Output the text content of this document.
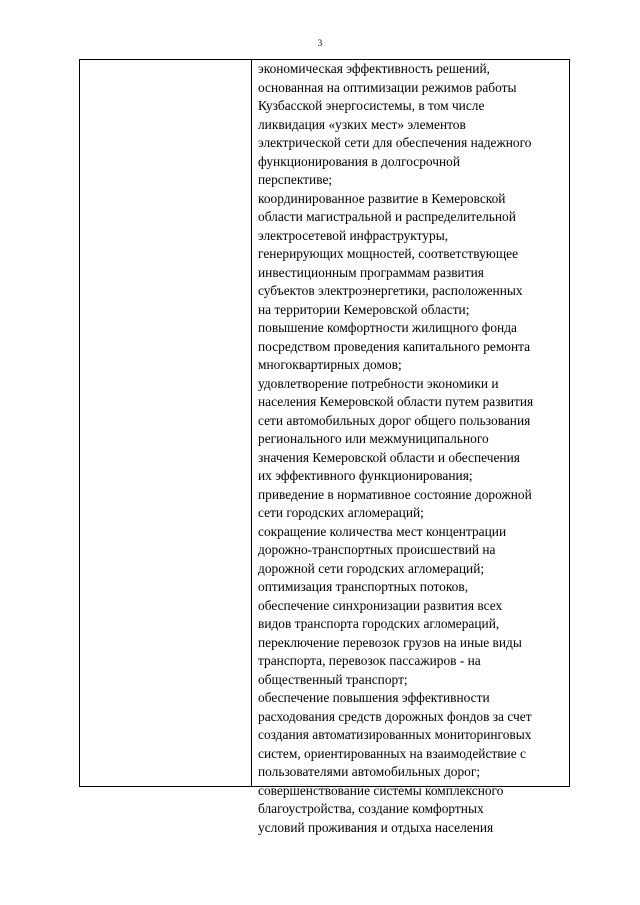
3
экономическая эффективность решений,
основанная на оптимизации режимов работы
Кузбасской энергосистемы, в том числе
ликвидация «узких мест» элементов
электрической сети для обеспечения надежного
функционирования в долгосрочной
перспективе;
координированное развитие в Кемеровской
области магистральной и распределительной
электросетевой инфраструктуры,
генерирующих мощностей, соответствующее
инвестиционным программам развития
субъектов электроэнергетики, расположенных
на территории Кемеровской области;
повышение комфортности жилищного фонда
посредством проведения капитального ремонта
многоквартирных домов;
удовлетворение потребности экономики и
населения Кемеровской области путем развития
сети автомобильных дорог общего пользования
регионального или межмуниципального
значения Кемеровской области и обеспечения
их эффективного функционирования;
приведение в нормативное состояние дорожной
сети городских агломераций;
сокращение количества мест концентрации
дорожно-транспортных происшествий на
дорожной сети городских агломераций;
оптимизация транспортных потоков,
обеспечение синхронизации развития всех
видов транспорта городских агломераций,
переключение перевозок грузов на иные виды
транспорта, перевозок пассажиров - на
общественный транспорт;
обеспечение повышения эффективности
расходования средств дорожных фондов за счет
создания автоматизированных мониторинговых
систем, ориентированных на взаимодействие с
пользователями автомобильных дорог;
совершенствование системы комплексного
благоустройства, создание комфортных
условий проживания и отдыха населения
